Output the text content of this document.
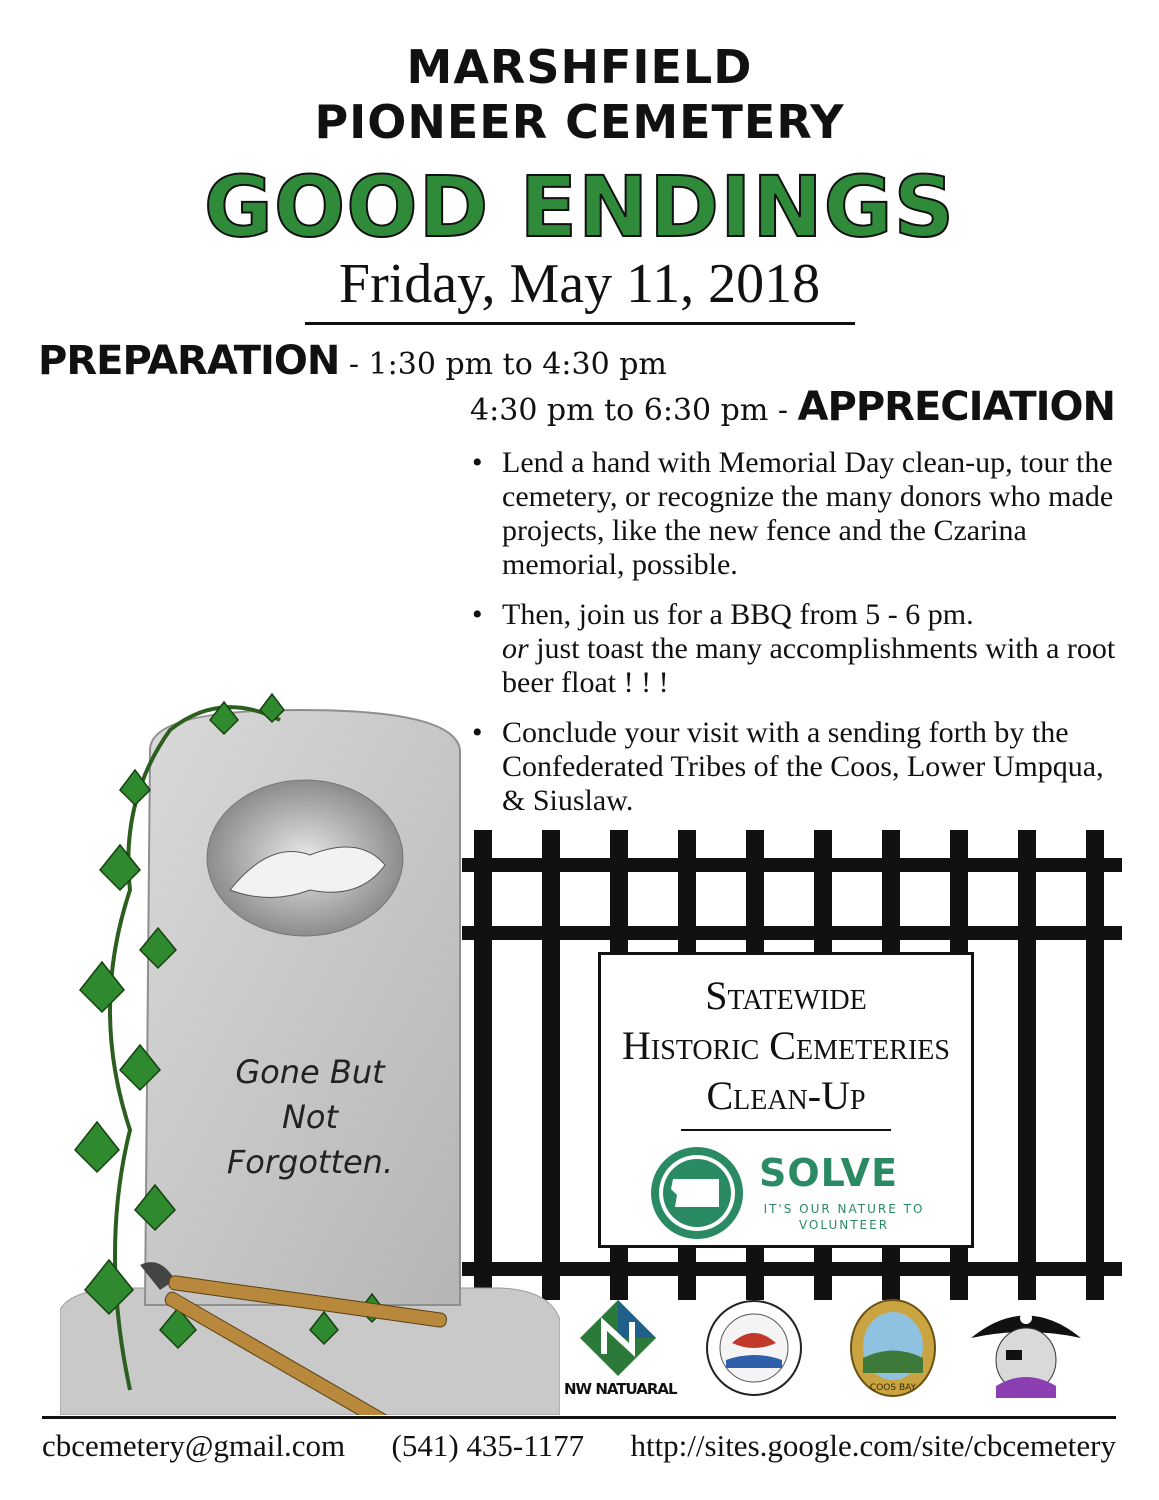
MARSHFIELD
PIONEER CEMETERY
GOOD ENDINGS
Friday, May 11, 2018
PREPARATION - 1:30 pm to 4:30 pm
4:30 pm to 6:30 pm - APPRECIATION
• Lend a hand with Memorial Day clean-up, tour the cemetery, or recognize the many donors who made projects, like the new fence and the Czarina memorial, possible.
• Then, join us for a BBQ from 5 - 6 pm.
or just toast the many accomplishments with a root beer float ! ! !
• Conclude your visit with a sending forth by the Confederated Tribes of the Coos, Lower Umpqua, & Siuslaw.
Statewide
Historic Cemeteries
Clean-Up
SOLVE
IT'S OUR NATURE TO
VOLUNTEER
Gone But
Not
Forgotten.
NW NATUARAL	COOS BAY
cbcemetery@gmail.com (541) 435-1177 http://sites.google.com/site/cbcemetery
